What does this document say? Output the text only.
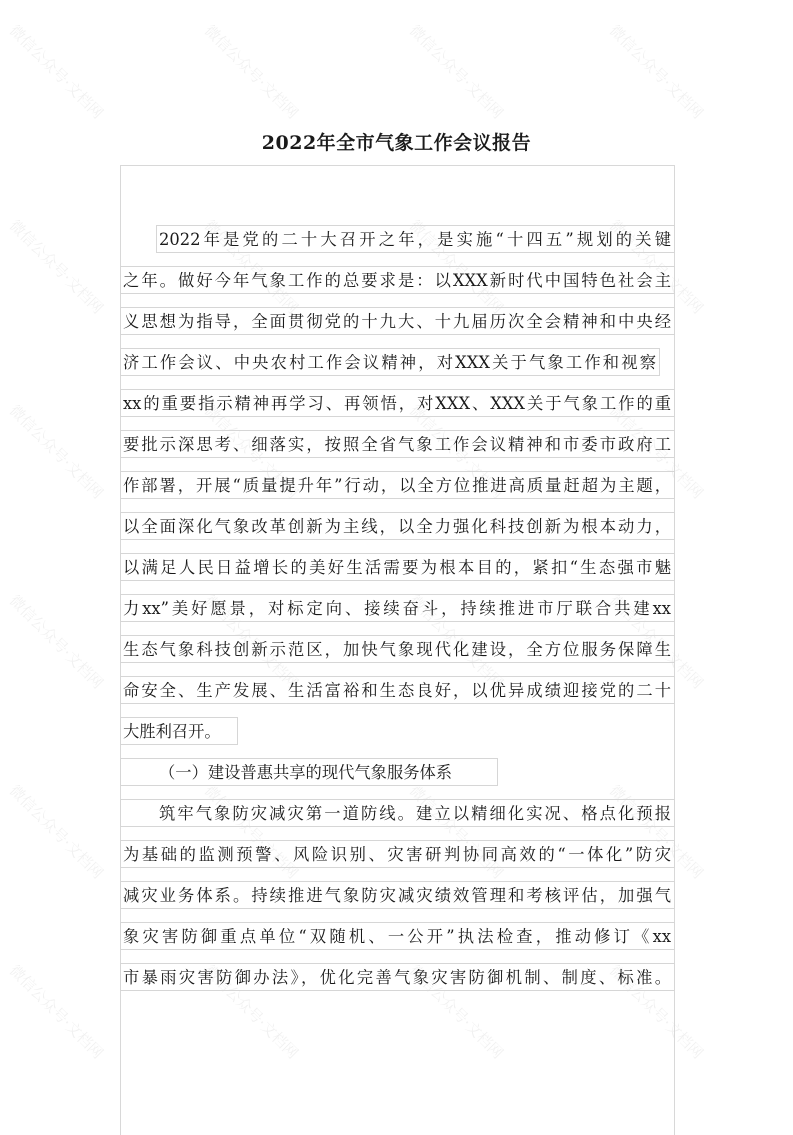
微信公众号·文档网	微信公众号·文档网	微信公众号·文档网	微信公众号·文档网
微信公众号·文档网	微信公众号·文档网	微信公众号·文档网	微信公众号·文档网
微信公众号·文档网	微信公众号·文档网	微信公众号·文档网	微信公众号·文档网
微信公众号·文档网	微信公众号·文档网	微信公众号·文档网	微信公众号·文档网
微信公众号·文档网	微信公众号·文档网	微信公众号·文档网	微信公众号·文档网
微信公众号·文档网	微信公众号·文档网	微信公众号·文档网	微信公众号·文档网
2022年全市气象工作会议报告
2022年是党的二十大召开之年，是实施“十四五”规划的关键
之年。做好今年气象工作的总要求是：以XXX新时代中国特色社会主
义思想为指导，全面贯彻党的十九大、十九届历次全会精神和中央经
济工作会议、中央农村工作会议精神，对XXX关于气象工作和视察
xx的重要指示精神再学习、再领悟，对XXX、XXX关于气象工作的重
要批示深思考、细落实，按照全省气象工作会议精神和市委市政府工
作部署，开展“质量提升年”行动，以全方位推进高质量赶超为主题，
以全面深化气象改革创新为主线，以全力强化科技创新为根本动力，
以满足人民日益增长的美好生活需要为根本目的，紧扣“生态强市魅
力xx”美好愿景，对标定向、接续奋斗，持续推进市厅联合共建xx
生态气象科技创新示范区，加快气象现代化建设，全方位服务保障生
命安全、生产发展、生活富裕和生态良好，以优异成绩迎接党的二十
大胜利召开。
（一）建设普惠共享的现代气象服务体系
筑牢气象防灾减灾第一道防线。建立以精细化实况、格点化预报
为基础的监测预警、风险识别、灾害研判协同高效的“一体化”防灾
减灾业务体系。持续推进气象防灾减灾绩效管理和考核评估，加强气
象灾害防御重点单位“双随机、一公开”执法检查，推动修订《xx
市暴雨灾害防御办法》，优化完善气象灾害防御机制、制度、标准。
